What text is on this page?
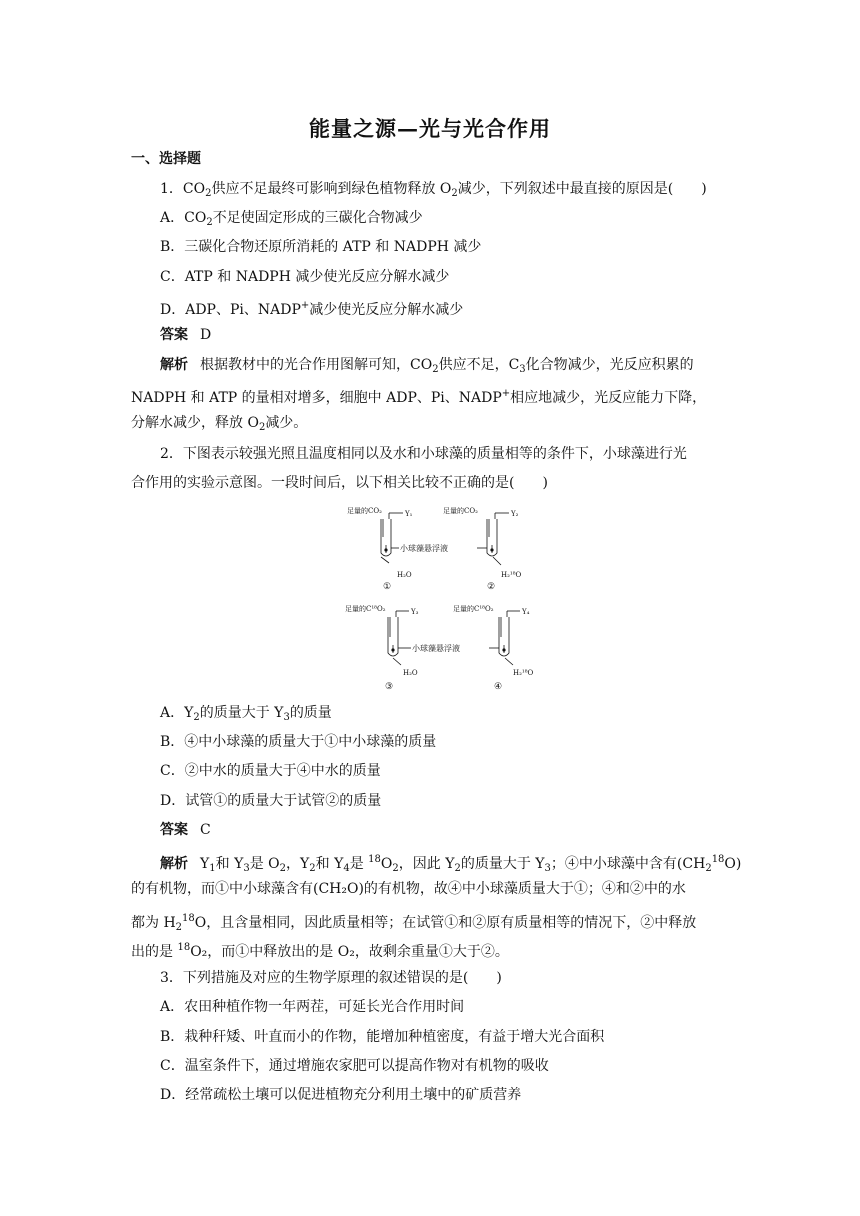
能量之源—光与光合作用
一、选择题
1．$CO_2$供应不足最终可影响到绿色植物释放 $O_2$减少，下列叙述中最直接的原因是(　　)
A．$CO_2$不足使固定形成的三碳化合物减少
B．三碳化合物还原所消耗的 ATP 和 NADPH 减少
C．ATP 和 NADPH 减少使光反应分解水减少
D．ADP、Pi、NADP+减少使光反应分解水减少
答案 D
解析 根据教材中的光合作用图解可知，$CO_2$供应不足，$C_3$化合物减少，光反应积累的
NADPH 和 ATP 的量相对增多，细胞中 ADP、Pi、NADP+相应地减少，光反应能力下降，
分解水减少，释放 $O_2$减少。
2．下图表示较强光照且温度相同以及水和小球藻的质量相等的条件下，小球藻进行光
合作用的实验示意图。一段时间后，以下相关比较不正确的是(　　)
足量的CO₂	Y₁
H₂O
①
足量的CO₂	Y₂
H₂¹⁸O
②
小球藻悬浮液
足量的C¹⁸O₂	Y₃
H₂O
③
足量的C¹⁸O₂	Y₄
H₂¹⁸O
④
小球藻悬浮液
A．$Y_2$的质量大于 $Y_3$的质量
B．④中小球藻的质量大于①中小球藻的质量
C．②中水的质量大于④中水的质量
D．试管①的质量大于试管②的质量
答案 C
解析 $Y_1$和 $Y_3$是 $O_2$，$Y_2$和 $Y_4$是 $^{18}O_2$，因此 $Y_2$的质量大于 $Y_3$；④中小球藻中含有$(CH_2^{18}O)$
的有机物，而①中小球藻含有(CH₂O)的有机物，故④中小球藻质量大于①；④和②中的水
都为 $H_2^{18}O$，且含量相同，因此质量相等；在试管①和②原有质量相等的情况下，②中释放
出的是 $^{18}$O₂，而①中释放出的是 O₂，故剩余重量①大于②。
3．下列措施及对应的生物学原理的叙述错误的是(　　)
A．农田种植作物一年两茬，可延长光合作用时间
B．栽种秆矮、叶直而小的作物，能增加种植密度，有益于增大光合面积
C．温室条件下，通过增施农家肥可以提高作物对有机物的吸收
D．经常疏松土壤可以促进植物充分利用土壤中的矿质营养
